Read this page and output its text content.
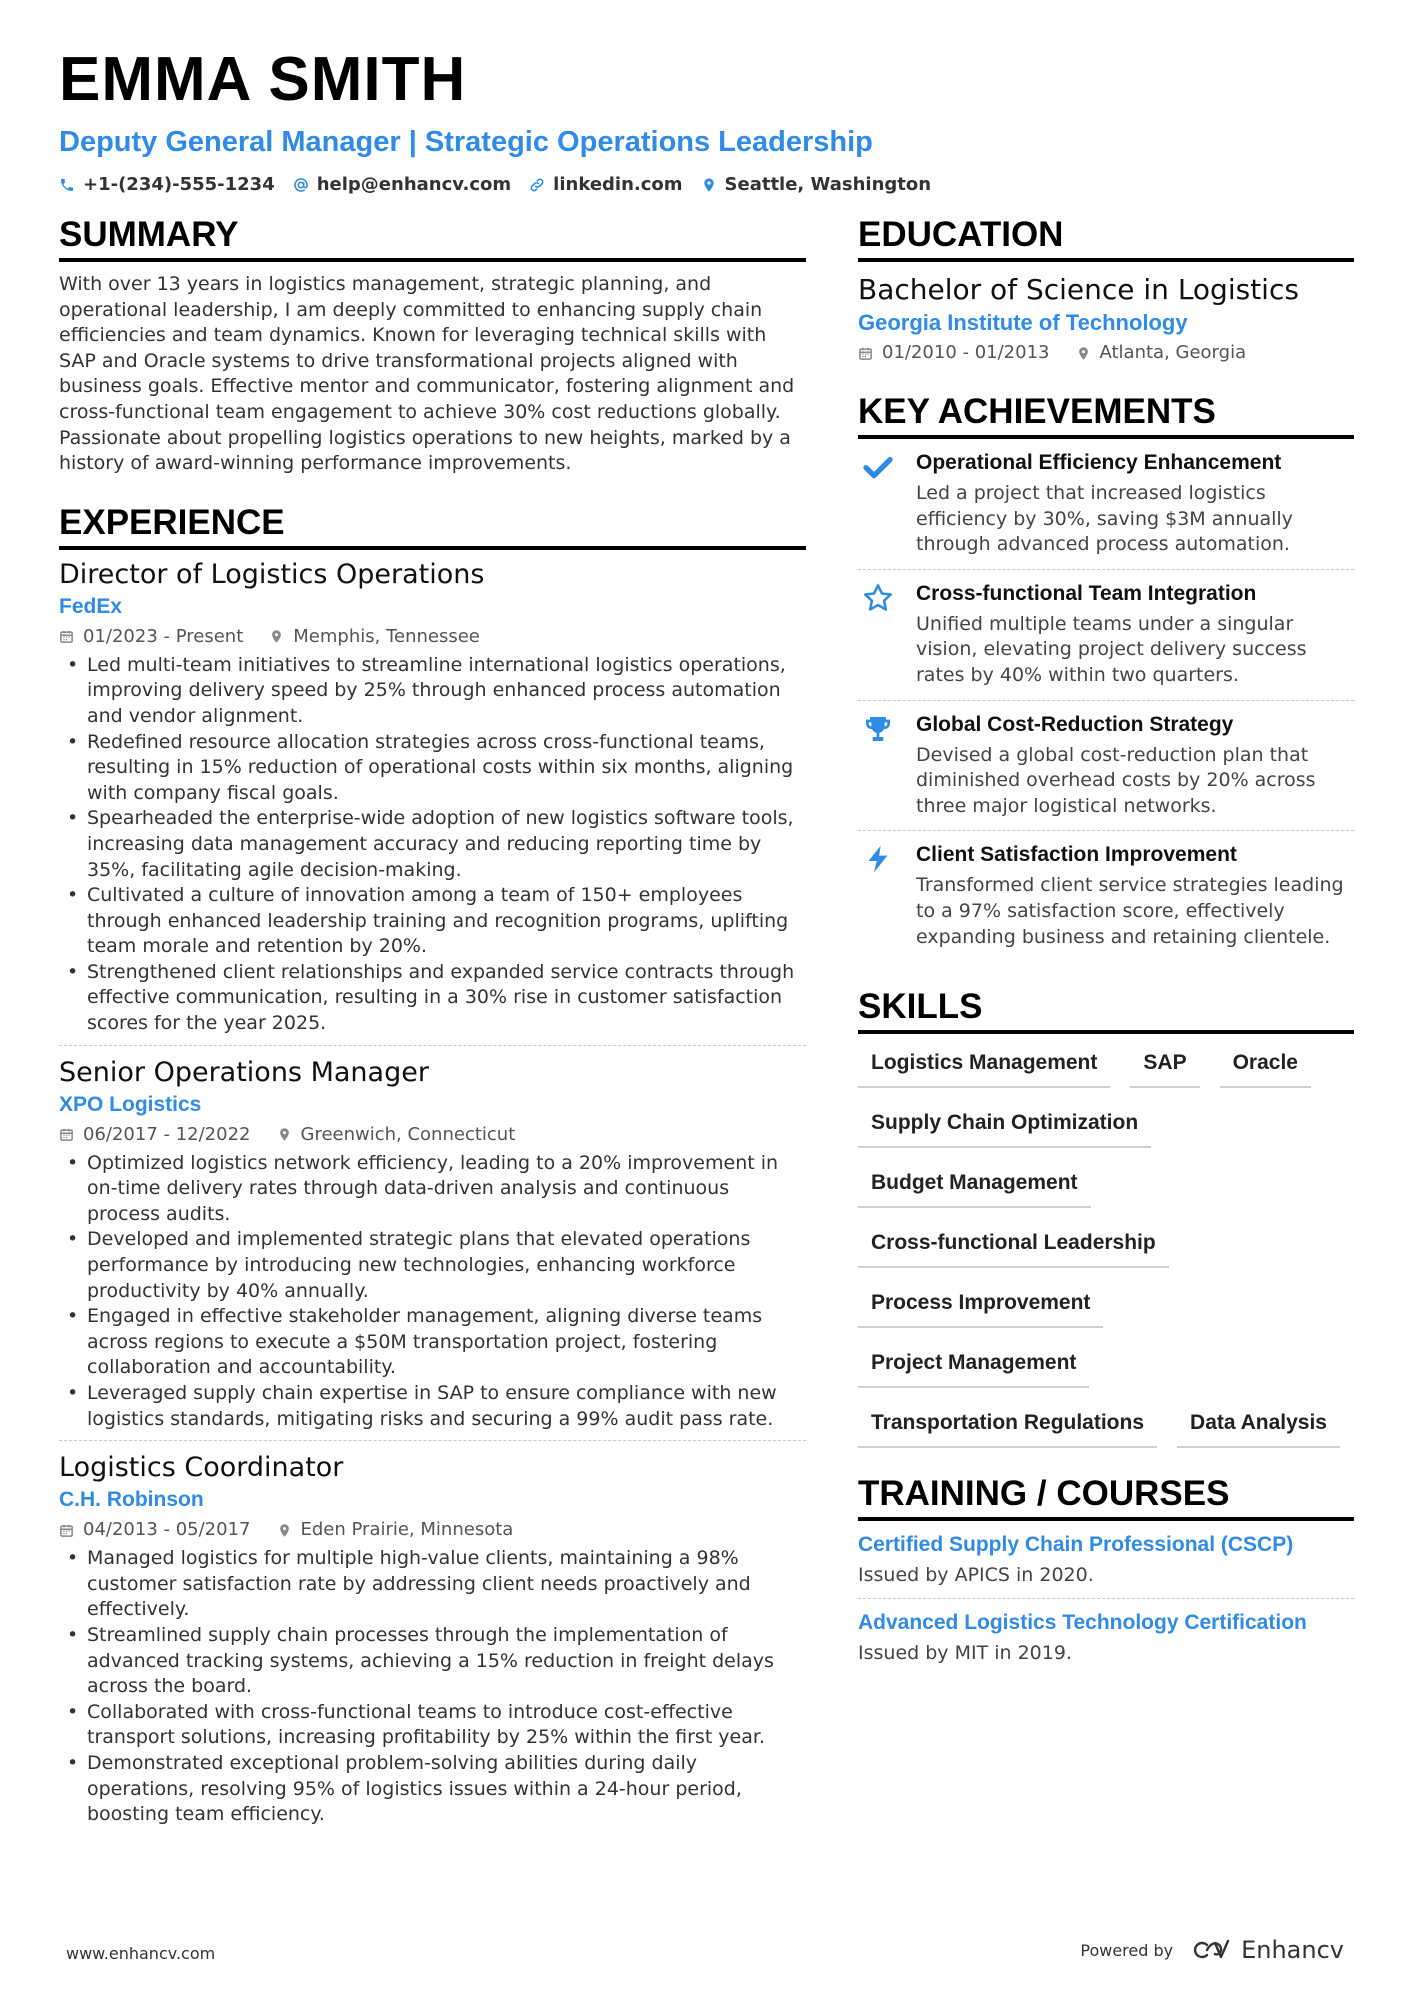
EMMA SMITH
Deputy General Manager | Strategic Operations Leadership
+1-(234)-555-1234 help@enhancv.com linkedin.com Seattle, Washington
SUMMARY

With over 13 years in logistics management, strategic planning, and operational leadership, I am deeply committed to enhancing supply chain efficiencies and team dynamics. Known for leveraging technical skills with SAP and Oracle systems to drive transformational projects aligned with business goals. Effective mentor and communicator, fostering alignment and cross-functional team engagement to achieve 30% cost reductions globally. Passionate about propelling logistics operations to new heights, marked by a history of award-winning performance improvements.

EXPERIENCE
Director of Logistics Operations
FedEx
01/2023 - Present	Memphis, Tennessee
• Led multi-team initiatives to streamline international logistics operations, improving delivery speed by 25% through enhanced process automation and vendor alignment.
• Redefined resource allocation strategies across cross-functional teams, resulting in 15% reduction of operational costs within six months, aligning with company fiscal goals.
• Spearheaded the enterprise-wide adoption of new logistics software tools, increasing data management accuracy and reducing reporting time by 35%, facilitating agile decision-making.
• Cultivated a culture of innovation among a team of 150+ employees through enhanced leadership training and recognition programs, uplifting team morale and retention by 20%.
• Strengthened client relationships and expanded service contracts through effective communication, resulting in a 30% rise in customer satisfaction scores for the year 2025.
Senior Operations Manager
XPO Logistics
06/2017 - 12/2022	Greenwich, Connecticut
• Optimized logistics network efficiency, leading to a 20% improvement in on-time delivery rates through data-driven analysis and continuous process audits.
• Developed and implemented strategic plans that elevated operations performance by introducing new technologies, enhancing workforce productivity by 40% annually.
• Engaged in effective stakeholder management, aligning diverse teams across regions to execute a $50M transportation project, fostering collaboration and accountability.
• Leveraged supply chain expertise in SAP to ensure compliance with new logistics standards, mitigating risks and securing a 99% audit pass rate.
Logistics Coordinator
C.H. Robinson
04/2013 - 05/2017	Eden Prairie, Minnesota
• Managed logistics for multiple high-value clients, maintaining a 98% customer satisfaction rate by addressing client needs proactively and effectively.
• Streamlined supply chain processes through the implementation of advanced tracking systems, achieving a 15% reduction in freight delays across the board.
• Collaborated with cross-functional teams to introduce cost-effective transport solutions, increasing profitability by 25% within the first year.
• Demonstrated exceptional problem-solving abilities during daily operations, resolving 95% of logistics issues within a 24-hour period, boosting team efficiency.
EDUCATION
Bachelor of Science in Logistics
Georgia Institute of Technology
01/2010 - 01/2013	Atlanta, Georgia
KEY ACHIEVEMENTS
Operational Efficiency Enhancement
Led a project that increased logistics efficiency by 30%, saving $3M annually through advanced process automation.
Cross-functional Team Integration
Unified multiple teams under a singular vision, elevating project delivery success rates by 40% within two quarters.
Global Cost-Reduction Strategy
Devised a global cost-reduction plan that diminished overhead costs by 20% across three major logistical networks.
Client Satisfaction Improvement
Transformed client service strategies leading to a 97% satisfaction score, effectively expanding business and retaining clientele.
SKILLS
Logistics Management	SAP	Oracle
Supply Chain Optimization
Budget Management
Cross-functional Leadership
Process Improvement
Project Management
Transportation Regulations	Data Analysis
TRAINING / COURSES
Certified Supply Chain Professional (CSCP)
Issued by APICS in 2020.
Advanced Logistics Technology Certification
Issued by MIT in 2019.
www.enhancv.com	Powered by	Enhancv
